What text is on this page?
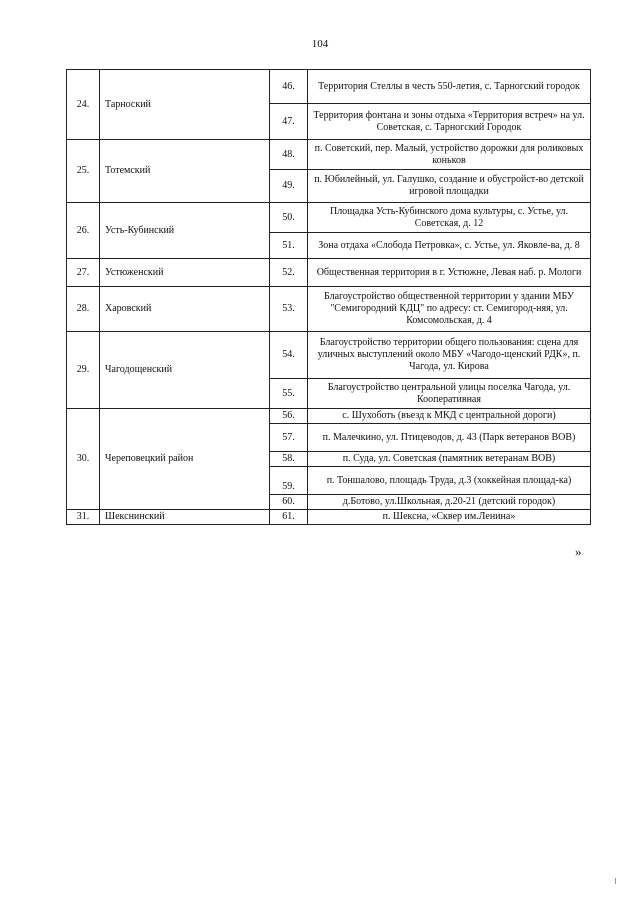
104
24.	Тарноский	46.	Территория Стеллы в честь 550-летия, с. Тарногский городок
		47.	Территория фонтана и зоны отдыха «Территория встреч» на ул. Советская, с. Тарногский Городок
25.	Тотемский	48.	п. Советский, пер. Малый, устройство дорожки для роликовых коньков
		49.	п. Юбилейный, ул. Галушко, создание и обустройст-во детской игровой площадки
26.	Усть-Кубинский	50.	Площадка Усть-Кубинского дома культуры, с. Устье, ул. Советская, д. 12
		51.	Зона отдаха «Слобода Петровка», с. Устье, ул. Яковле-ва, д. 8
27.	Устюженский	52.	Общественная территория в г. Устюжне, Левая наб. р. Мологи
28.	Харовский	53.	Благоустройство общественной территории у здании МБУ "Семигородний КДЦ" по адресу: ст. Семигород-няя, ул. Комсомольская, д. 4
29.	Чагодощенский	54.	Благоустройство территории общего пользования: сцена для уличных выступлений около МБУ «Чагодо-щенский РДК», п. Чагода, ул. Кирова
		55.	Благоустройство центральной улицы поселка Чагода, ул. Кооперативная
30.	Череповецкий район	56.	с. Шухоботь (въезд к МКД с центральной дороги)
		57.	п. Малечкино, ул. Птицеводов, д. 43 (Парк ветеранов ВОВ)
		58.	п. Суда, ул. Советская (памятник ветеранам ВОВ)
		59.	п. Тоншалово, площадь Труда, д.3 (хоккейная площад-ка)
		60.	д.Ботово, ул.Школьная, д.20-21 (детский городок)
31.	Шекснинский	61.	п. Шексна, «Сквер им.Ленина»
»
